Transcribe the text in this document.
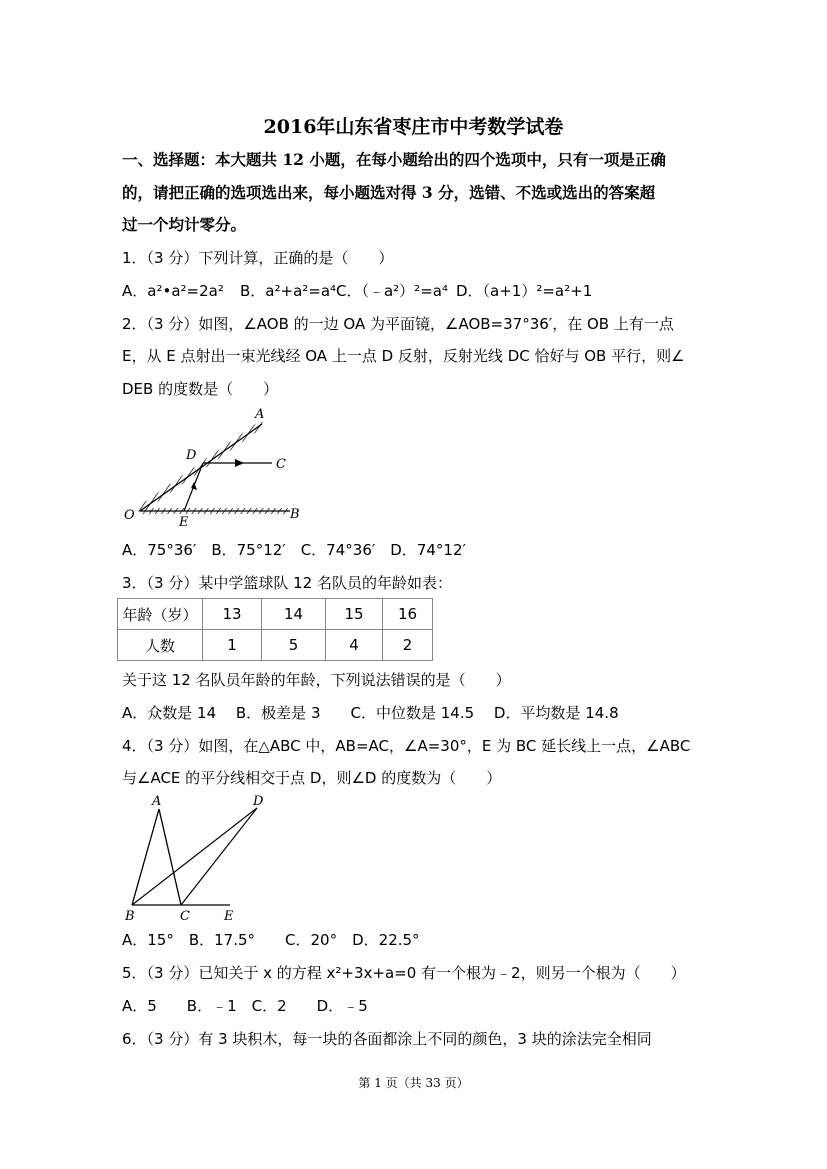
2016年山东省枣庄市中考数学试卷
一、选择题：本大题共 12 小题，在每小题给出的四个选项中，只有一项是正确
的，请把正确的选项选出来，每小题选对得 3 分，选错、不选或选出的答案超
过一个均计零分。
1．（3 分）下列计算，正确的是（　　）
A．a²•a²=2a² B．a²+a²=a⁴C．（﹣a²）²=a⁴ D．（a+1）²=a²+1
2．（3 分）如图，∠AOB 的一边 OA 为平面镜，∠AOB=37°36′，在 OB 上有一点
E，从 E 点射出一束光线经 OA 上一点 D 反射，反射光线 DC 恰好与 OB 平行，则∠
DEB 的度数是（　　）
A
D
C
O	E
B
A．75°36′　B．75°12′　C．74°36′　D．74°12′
3．（3 分）某中学篮球队 12 名队员的年龄如表：
年龄（岁）	13	14	15	16
人数	1	5	4	2
关于这 12 名队员年龄的年龄，下列说法错误的是（　　）
A．众数是 14　 B．极差是 3　　C．中位数是 14.5　 D．平均数是 14.8
4．（3 分）如图，在△ABC 中，AB=AC，∠A=30°，E 为 BC 延长线上一点，∠ABC
与∠ACE 的平分线相交于点 D，则∠D 的度数为（　　）
A	D
B	C	E
A．15°　B．17.5°　　C．20°　D．22.5°
5．（3 分）已知关于 x 的方程 x²+3x+a=0 有一个根为﹣2，则另一个根为（　　）
A．5　　B．﹣1　C．2　　D．﹣5
6．（3 分）有 3 块积木，每一块的各面都涂上不同的颜色，3 块的涂法完全相同
第 1 页（共 33 页）
